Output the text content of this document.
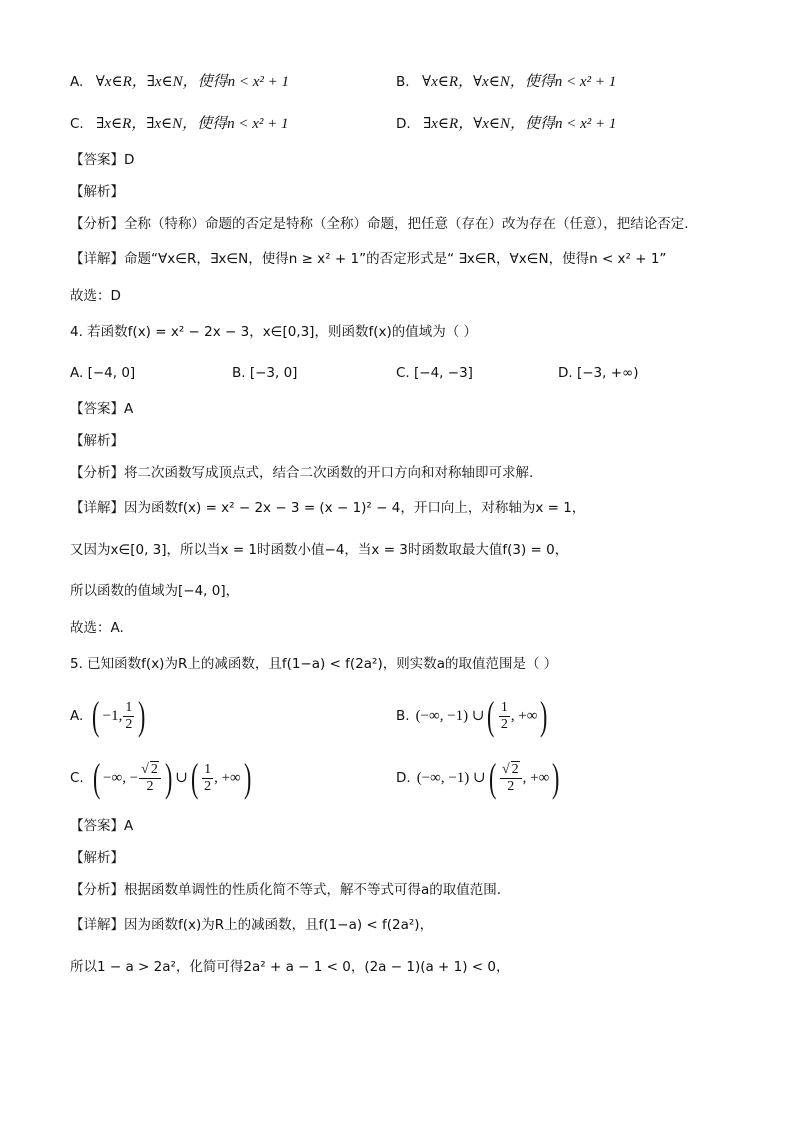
A. ∀x∈R，∃x∈N，使得n < x² + 1	B. ∀x∈R，∀x∈N，使得n < x² + 1
C. ∃x∈R，∃x∈N，使得n < x² + 1	D. ∃x∈R，∀x∈N，使得n < x² + 1
【答案】D
【解析】
【分析】全称（特称）命题的否定是特称（全称）命题，把任意（存在）改为存在（任意），把结论否定.
【详解】命题“∀x∈R，∃x∈N，使得n ≥ x² + 1”的否定形式是“ ∃x∈R，∀x∈N，使得n < x² + 1”
故选：D
4. 若函数f(x) = x² − 2x − 3，x∈[0,3]，则函数f(x)的值域为（ ）
A. [−4, 0]	B. [−3, 0]	C. [−4, −3]	D. [−3, +∞)
【答案】A
【解析】
【分析】将二次函数写成顶点式，结合二次函数的开口方向和对称轴即可求解.
【详解】因为函数f(x) = x² − 2x − 3 = (x − 1)² − 4，开口向上，对称轴为x = 1，
又因为x∈[0, 3]，所以当x = 1时函数小值−4，当x = 3时函数取最大值f(3) = 0，
所以函数的值域为[−4, 0]，
故选：A.
5. 已知函数f(x)为R上的减函数，且f(1−a) < f(2a²)，则实数a的取值范围是（ ）
A. ( −1, $\frac{1}{2}$ )	B. (−∞, −1) ∪ ( $\frac{1}{2}$ , +∞ )
C. ( −∞, − $\frac{√ 2}{2}$ ) ∪ ( $\frac{1}{2}$ , +∞ )	D. (−∞, −1) ∪ ( $\frac{√ 2}{2}$ , +∞ )
【答案】A
【解析】
【分析】根据函数单调性的性质化简不等式，解不等式可得a的取值范围.
【详解】因为函数f(x)为R上的减函数，且f(1−a) < f(2a²)，
所以1 − a > 2a²，化简可得2a² + a − 1 < 0，(2a − 1)(a + 1) < 0，
